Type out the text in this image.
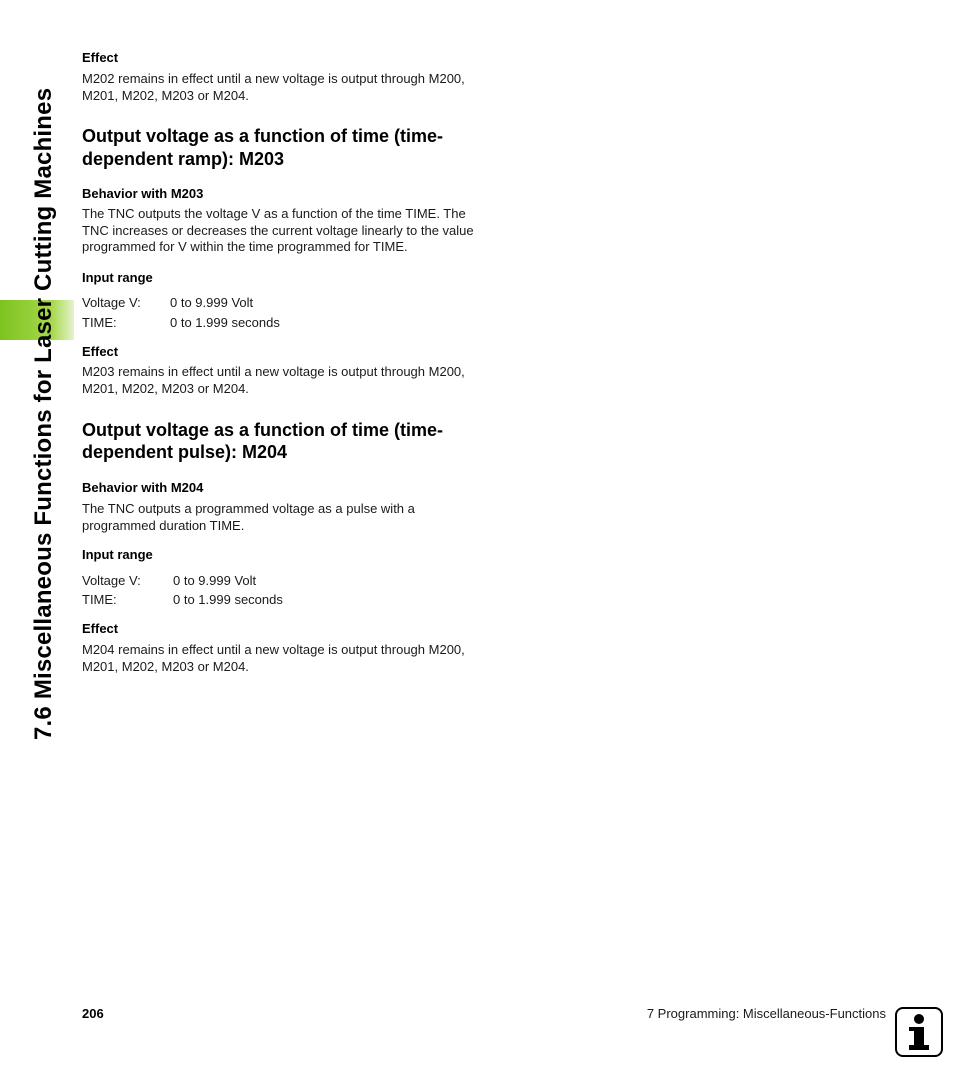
7.6 Miscellaneous Functions for Laser Cutting Machines
Effect
M202 remains in effect until a new voltage is output through M200,
M201, M202, M203 or M204.
Output voltage as a function of time (time-
dependent ramp): M203
Behavior with M203
The TNC outputs the voltage V as a function of the time TIME. The
TNC increases or decreases the current voltage linearly to the value
programmed for V within the time programmed for TIME.
Input range
Voltage V: 0 to 9.999 Volt
TIME:	0 to 1.999 seconds
Effect
M203 remains in effect until a new voltage is output through M200,
M201, M202, M203 or M204.
Output voltage as a function of time (time-
dependent pulse): M204
Behavior with M204
The TNC outputs a programmed voltage as a pulse with a
programmed duration TIME.
Input range
Voltage V: 0 to 9.999 Volt
TIME:	0 to 1.999 seconds
Effect
M204 remains in effect until a new voltage is output through M200,
M201, M202, M203 or M204.
206	7 Programming: Miscellaneous-Functions
